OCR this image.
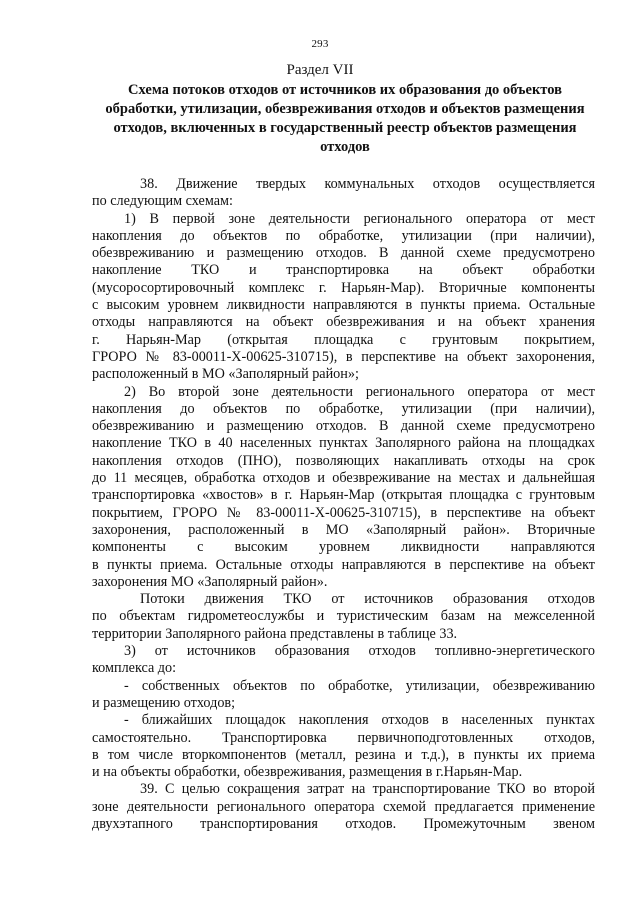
293
Раздел VII
Схема потоков отходов от источников их образования до объектов
обработки, утилизации, обезвреживания отходов и объектов размещения
отходов, включенных в государственный реестр объектов размещения
отходов
38. Движение твердых коммунальных отходов осуществляется
по следующим схемам:
1) В первой зоне деятельности регионального оператора от мест
накопления до объектов по обработке, утилизации (при наличии),
обезвреживанию и размещению отходов. В данной схеме предусмотрено
накопление ТКО и транспортировка на объект обработки
(мусоросортировочный комплекс г. Нарьян-Мар). Вторичные компоненты
с высоким уровнем ликвидности направляются в пункты приема. Остальные
отходы направляются на объект обезвреживания и на объект хранения
г. Нарьян-Мар (открытая площадка с грунтовым покрытием,
ГРОРО № 83-00011-Х-00625-310715), в перспективе на объект захоронения,
расположенный в МО «Заполярный район»;
2) Во второй зоне деятельности регионального оператора от мест
накопления до объектов по обработке, утилизации (при наличии),
обезвреживанию и размещению отходов. В данной схеме предусмотрено
накопление ТКО в 40 населенных пунктах Заполярного района на площадках
накопления отходов (ПНО), позволяющих накапливать отходы на срок
до 11 месяцев, обработка отходов и обезвреживание на местах и дальнейшая
транспортировка «хвостов» в г. Нарьян-Мар (открытая площадка с грунтовым
покрытием, ГРОРО № 83-00011-Х-00625-310715), в перспективе на объект
захоронения, расположенный в МО «Заполярный район». Вторичные
компоненты с высоким уровнем ликвидности направляются
в пункты приема. Остальные отходы направляются в перспективе на объект
захоронения МО «Заполярный район».
Потоки движения ТКО от источников образования отходов
по объектам гидрометеослужбы и туристическим базам на межселенной
территории Заполярного района представлены в таблице 33.
3) от источников образования отходов топливно-энергетического
комплекса до:
- собственных объектов по обработке, утилизации, обезвреживанию
и размещению отходов;
- ближайших площадок накопления отходов в населенных пунктах
самостоятельно. Транспортировка первичноподготовленных отходов,
в том числе вторкомпонентов (металл, резина и т.д.), в пункты их приема
и на объекты обработки, обезвреживания, размещения в г.Нарьян-Мар.
39. С целью сокращения затрат на транспортирование ТКО во второй
зоне деятельности регионального оператора схемой предлагается применение
двухэтапного транспортирования отходов. Промежуточным звеном
